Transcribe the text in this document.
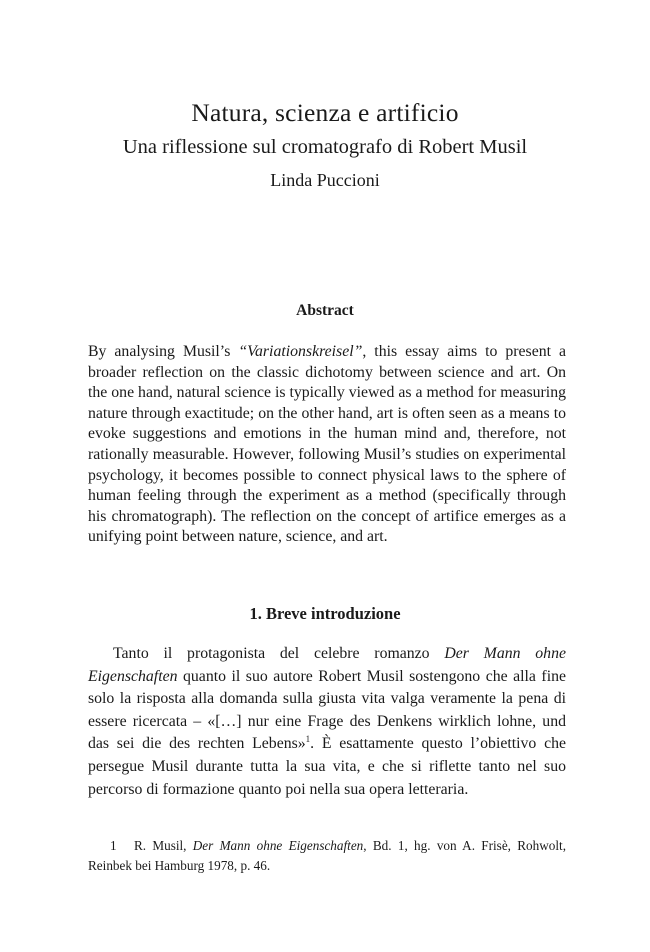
Natura, scienza e artificio
Una riflessione sul cromatografo di Robert Musil
Linda Puccioni
Abstract

By analysing Musil’s “Variationskreisel”, this essay aims to present a broader reflection on the classic dichotomy between science and art. On the one hand, natural science is typically viewed as a method for measuring nature through exactitude; on the other hand, art is often seen as a means to evoke suggestions and emotions in the human mind and, therefore, not rationally measurable. However, following Musil’s studies on experimental psychology, it becomes possible to connect physical laws to the sphere of human feeling through the experiment as a method (specifically through his chromatograph). The reflection on the concept of artifice emerges as a unifying point between nature, science, and art.

1. Breve introduzione

Tanto il protagonista del celebre romanzo Der Mann ohne Eigenschaften quanto il suo autore Robert Musil sostengono che alla fine solo la risposta alla domanda sulla giusta vita valga veramente la pena di essere ricercata – «[…] nur eine Frage des Denkens wirklich lohne, und das sei die des rechten Lebens»$^1$. È esattamente questo l’obiettivo che persegue Musil durante tutta la sua vita, e che si riflette tanto nel suo percorso di formazione quanto poi nella sua opera letteraria.

1 R. Musil, Der Mann ohne Eigenschaften, Bd. 1, hg. von A. Frisè, Rohwolt, Reinbek bei Hamburg 1978, p. 46.
